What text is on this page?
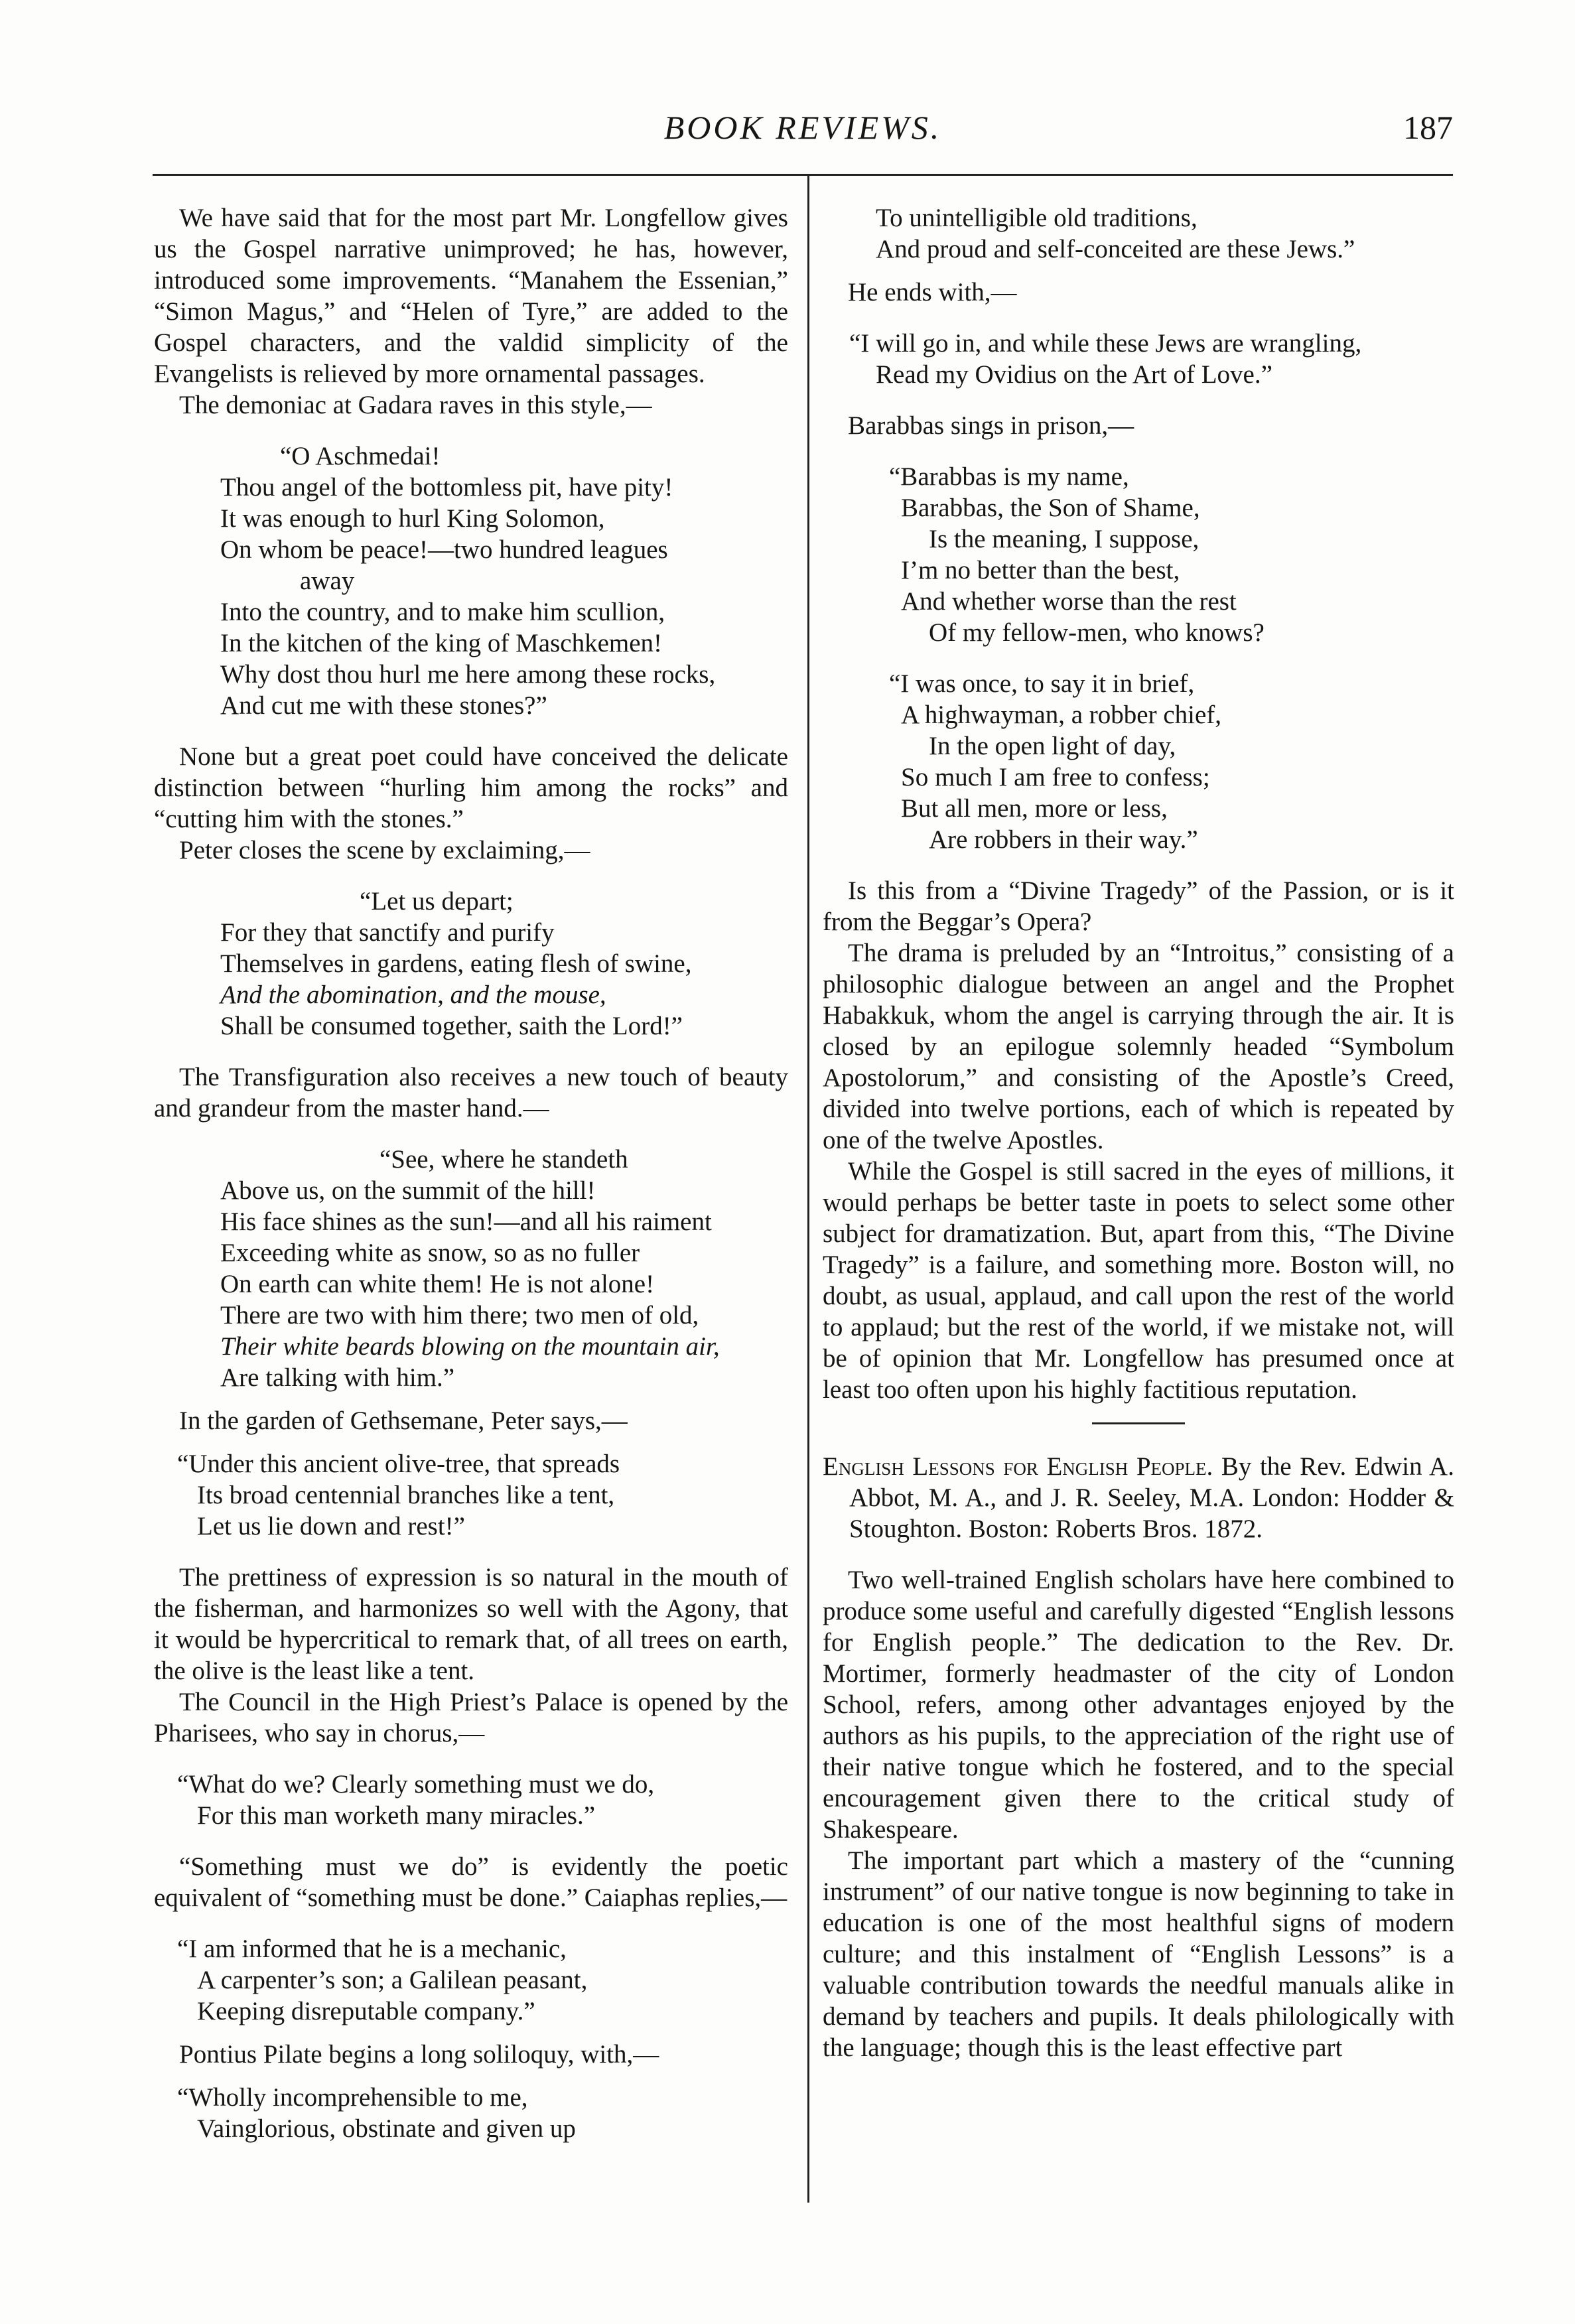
BOOK REVIEWS.	187

We have said that for the most part Mr. Longfellow gives us the Gospel narrative unimproved; he has, however, introduced some improvements. “Manahem the Essenian,” “Simon Magus,” and “Helen of Tyre,” are added to the Gospel characters, and the valdid simplicity of the Evangelists is relieved by more ornamental passages.

The demoniac at Gadara raves in this style,—

“O Aschmedai!
Thou angel of the bottomless pit, have pity!
It was enough to hurl King Solomon,
On whom be peace!—two hundred leagues
away
Into the country, and to make him scullion,
In the kitchen of the king of Maschkemen!
Why dost thou hurl me here among these rocks,
And cut me with these stones?”

None but a great poet could have conceived the delicate distinction between “hurling him among the rocks” and “cutting him with the stones.”

Peter closes the scene by exclaiming,—

“Let us depart;
For they that sanctify and purify
Themselves in gardens, eating flesh of swine,
And the abomination, and the mouse,
Shall be consumed together, saith the Lord!”

The Transfiguration also receives a new touch of beauty and grandeur from the master hand.—

“See, where he standeth
Above us, on the summit of the hill!
His face shines as the sun!—and all his raiment
Exceeding white as snow, so as no fuller
On earth can white them! He is not alone!
There are two with him there; two men of old,
Their white beards blowing on the mountain air,
Are talking with him.”

In the garden of Gethsemane, Peter says,—

“Under this ancient olive-tree, that spreads
Its broad centennial branches like a tent,
Let us lie down and rest!”

The prettiness of expression is so natural in the mouth of the fisherman, and harmonizes so well with the Agony, that it would be hypercritical to remark that, of all trees on earth, the olive is the least like a tent.

The Council in the High Priest’s Palace is opened by the Pharisees, who say in chorus,—

“What do we? Clearly something must we do,
For this man worketh many miracles.”

“Something must we do” is evidently the poetic equivalent of “something must be done.” Caiaphas replies,—

“I am informed that he is a mechanic,
A carpenter’s son; a Galilean peasant,
Keeping disreputable company.”

Pontius Pilate begins a long soliloquy, with,—

“Wholly incomprehensible to me,
Vainglorious, obstinate and given up
To unintelligible old traditions,
And proud and self-conceited are these Jews.”

He ends with,—

“I will go in, and while these Jews are wrangling,
Read my Ovidius on the Art of Love.”

Barabbas sings in prison,—

“Barabbas is my name,
Barabbas, the Son of Shame,
Is the meaning, I suppose,
I’m no better than the best,
And whether worse than the rest
Of my fellow-men, who knows?
“I was once, to say it in brief,
A highwayman, a robber chief,
In the open light of day,
So much I am free to confess;
But all men, more or less,
Are robbers in their way.”

Is this from a “Divine Tragedy” of the Passion, or is it from the Beggar’s Opera?

The drama is preluded by an “Introitus,” consisting of a philosophic dialogue between an angel and the Prophet Habakkuk, whom the angel is carrying through the air. It is closed by an epilogue solemnly headed “Symbolum Apostolorum,” and consisting of the Apostle’s Creed, divided into twelve portions, each of which is repeated by one of the twelve Apostles.

While the Gospel is still sacred in the eyes of millions, it would perhaps be better taste in poets to select some other subject for dramatization. But, apart from this, “The Divine Tragedy” is a failure, and something more. Boston will, no doubt, as usual, applaud, and call upon the rest of the world to applaud; but the rest of the world, if we mistake not, will be of opinion that Mr. Longfellow has presumed once at least too often upon his highly factitious reputation.

English Lessons for English People. By the Rev. Edwin A. Abbot, M. A., and J. R. Seeley, M.A. London: Hodder & Stoughton. Boston: Roberts Bros. 1872.

Two well-trained English scholars have here combined to produce some useful and carefully digested “English lessons for English people.” The dedication to the Rev. Dr. Mortimer, formerly headmaster of the city of London School, refers, among other advantages enjoyed by the authors as his pupils, to the appreciation of the right use of their native tongue which he fostered, and to the special encouragement given there to the critical study of Shakespeare.

The important part which a mastery of the “cunning instrument” of our native tongue is now beginning to take in education is one of the most healthful signs of modern culture; and this instalment of “English Lessons” is a valuable contribution towards the needful manuals alike in demand by teachers and pupils. It deals philologically with the language; though this is the least effective part
